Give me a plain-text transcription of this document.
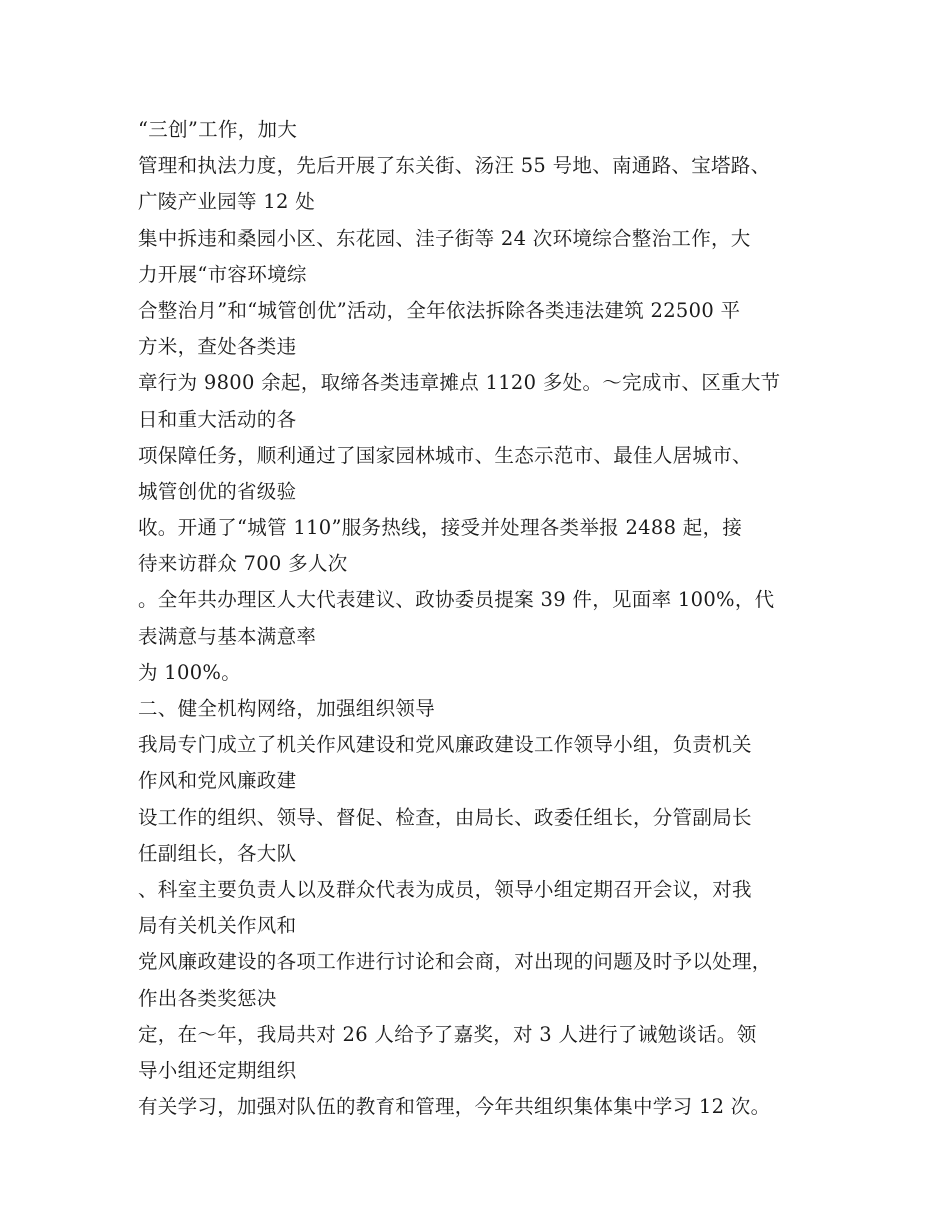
“三创”工作，加大
管理和执法力度，先后开展了东关街、汤汪 55 号地、南通路、宝塔路、
广陵产业园等 12 处
集中拆违和桑园小区、东花园、洼子街等 24 次环境综合整治工作，大
力开展“市容环境综
合整治月”和“城管创优”活动，全年依法拆除各类违法建筑 22500 平
方米，查处各类违
章行为 9800 余起，取缔各类违章摊点 1120 多处。～完成市、区重大节
日和重大活动的各
项保障任务，顺利通过了国家园林城市、生态示范市、最佳人居城市、
城管创优的省级验
收。开通了“城管 110”服务热线，接受并处理各类举报 2488 起，接
待来访群众 700 多人次
。全年共办理区人大代表建议、政协委员提案 39 件，见面率 100%，代
表满意与基本满意率
为 100%。
二、健全机构网络，加强组织领导
我局专门成立了机关作风建设和党风廉政建设工作领导小组，负责机关
作风和党风廉政建
设工作的组织、领导、督促、检查，由局长、政委任组长，分管副局长
任副组长，各大队
、科室主要负责人以及群众代表为成员，领导小组定期召开会议，对我
局有关机关作风和
党风廉政建设的各项工作进行讨论和会商，对出现的问题及时予以处理，
作出各类奖惩决
定，在～年，我局共对 26 人给予了嘉奖，对 3 人进行了诫勉谈话。领
导小组还定期组织
有关学习，加强对队伍的教育和管理，今年共组织集体集中学习 12 次。
